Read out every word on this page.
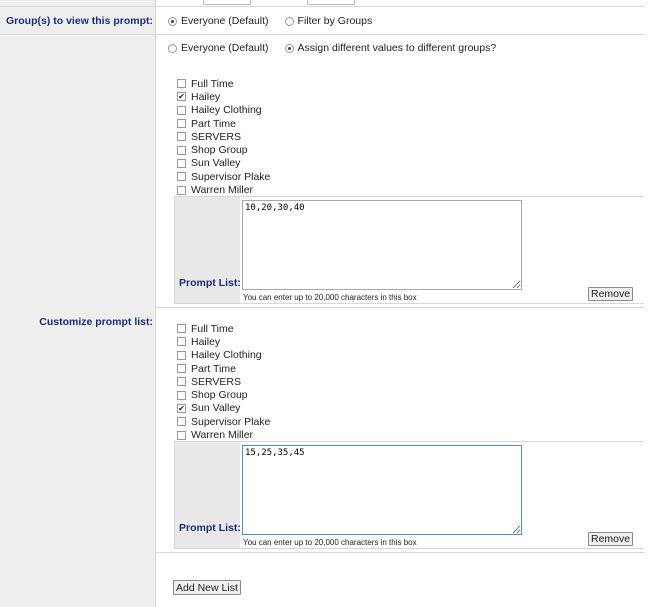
Group(s) to view this prompt:	Everyone (Default)	Filter by Groups
Everyone (Default)	Assign different values to different groups?
Customize prompt list:
Full Time
✔ Hailey
Hailey Clothing
Part Time
SERVERS
Shop Group
Sun Valley
Supervisor Plake
Warren Miller
Prompt List:
10,20,30,40
You can enter up to 20,000 characters in this box	Remove
Full Time
Hailey
Hailey Clothing
Part Time
SERVERS
Shop Group
✔ Sun Valley
Supervisor Plake
Warren Miller
Prompt List:
15,25,35,45
You can enter up to 20,000 characters in this box	Remove
Add New List
